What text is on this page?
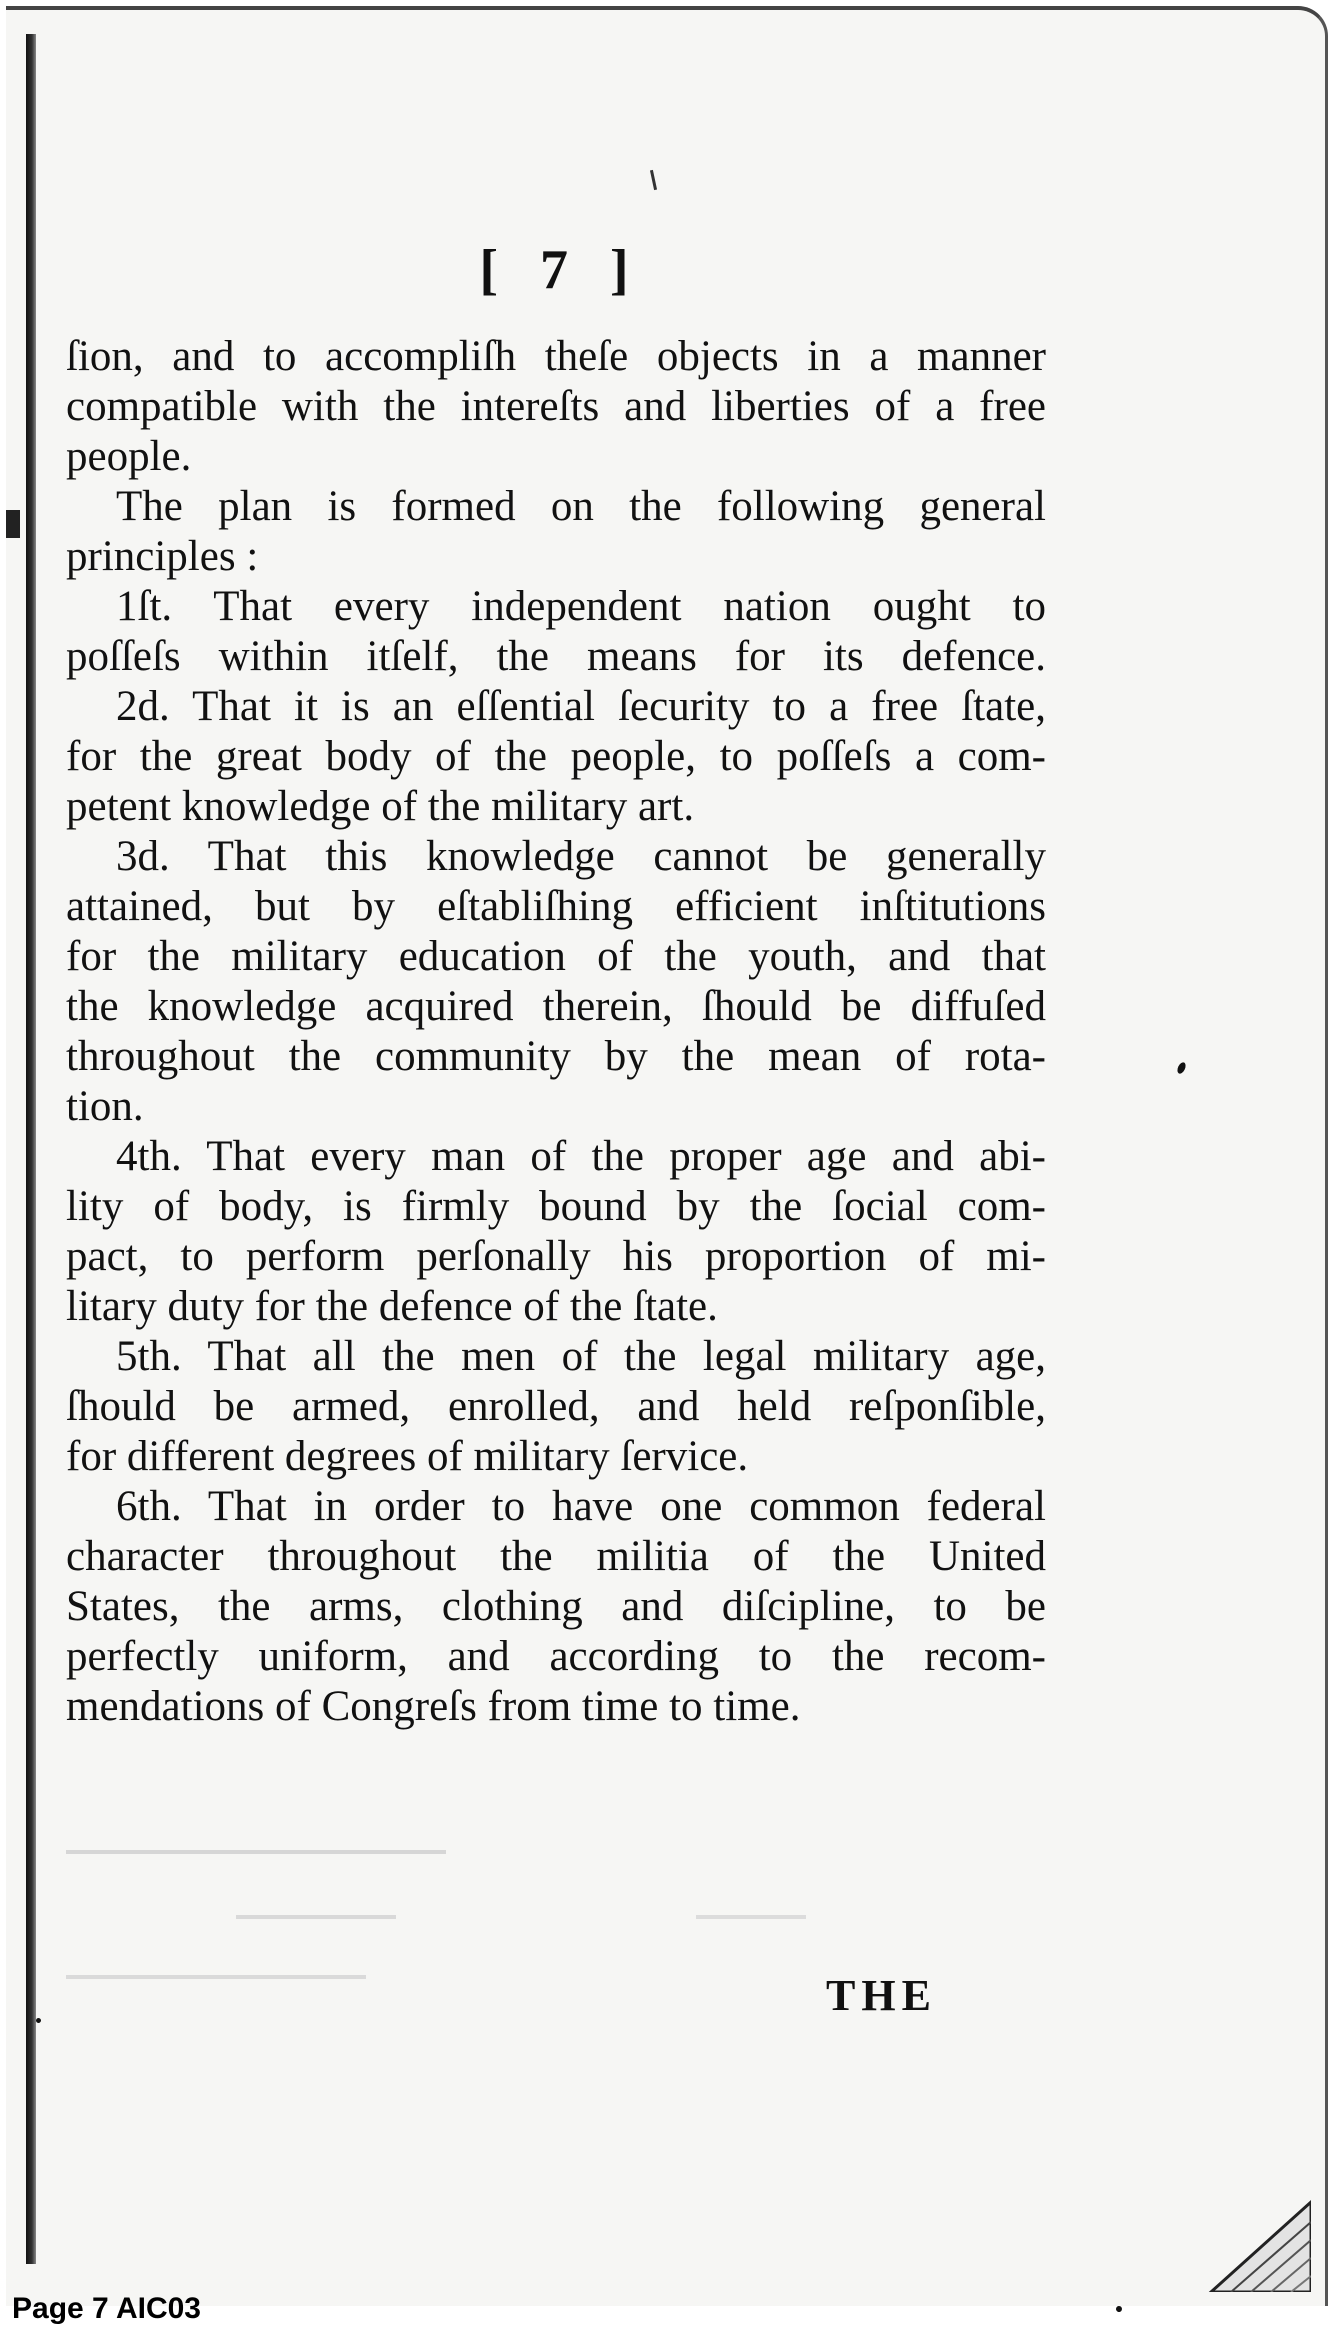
[ 7 ]
ſion, and to accompliſh theſe objects in a manner
compatible with the intereſts and liberties of a free
people.
The plan is formed on the following general
principles :
1ſt. That every independent nation ought to
poſſeſs within itſelf, the means for its defence.
2d. That it is an eſſential ſecurity to a free ſtate,
for the great body of the people, to poſſeſs a com-
petent knowledge of the military art.
3d. That this knowledge cannot be generally
attained, but by eſtabliſhing efficient inſtitutions
for the military education of the youth, and that
the knowledge acquired therein, ſhould be diffuſed
throughout the community by the mean of rota-
tion.
4th. That every man of the proper age and abi-
lity of body, is firmly bound by the ſocial com-
pact, to perform perſonally his proportion of mi-
litary duty for the defence of the ſtate.
5th. That all the men of the legal military age,
ſhould be armed, enrolled, and held reſponſible,
for different degrees of military ſervice.
6th. That in order to have one common federal
character throughout the militia of the United
States, the arms, clothing and diſcipline, to be
perfectly uniform, and according to the recom-
mendations of Congreſs from time to time.
THE
Page 7 AIC03
